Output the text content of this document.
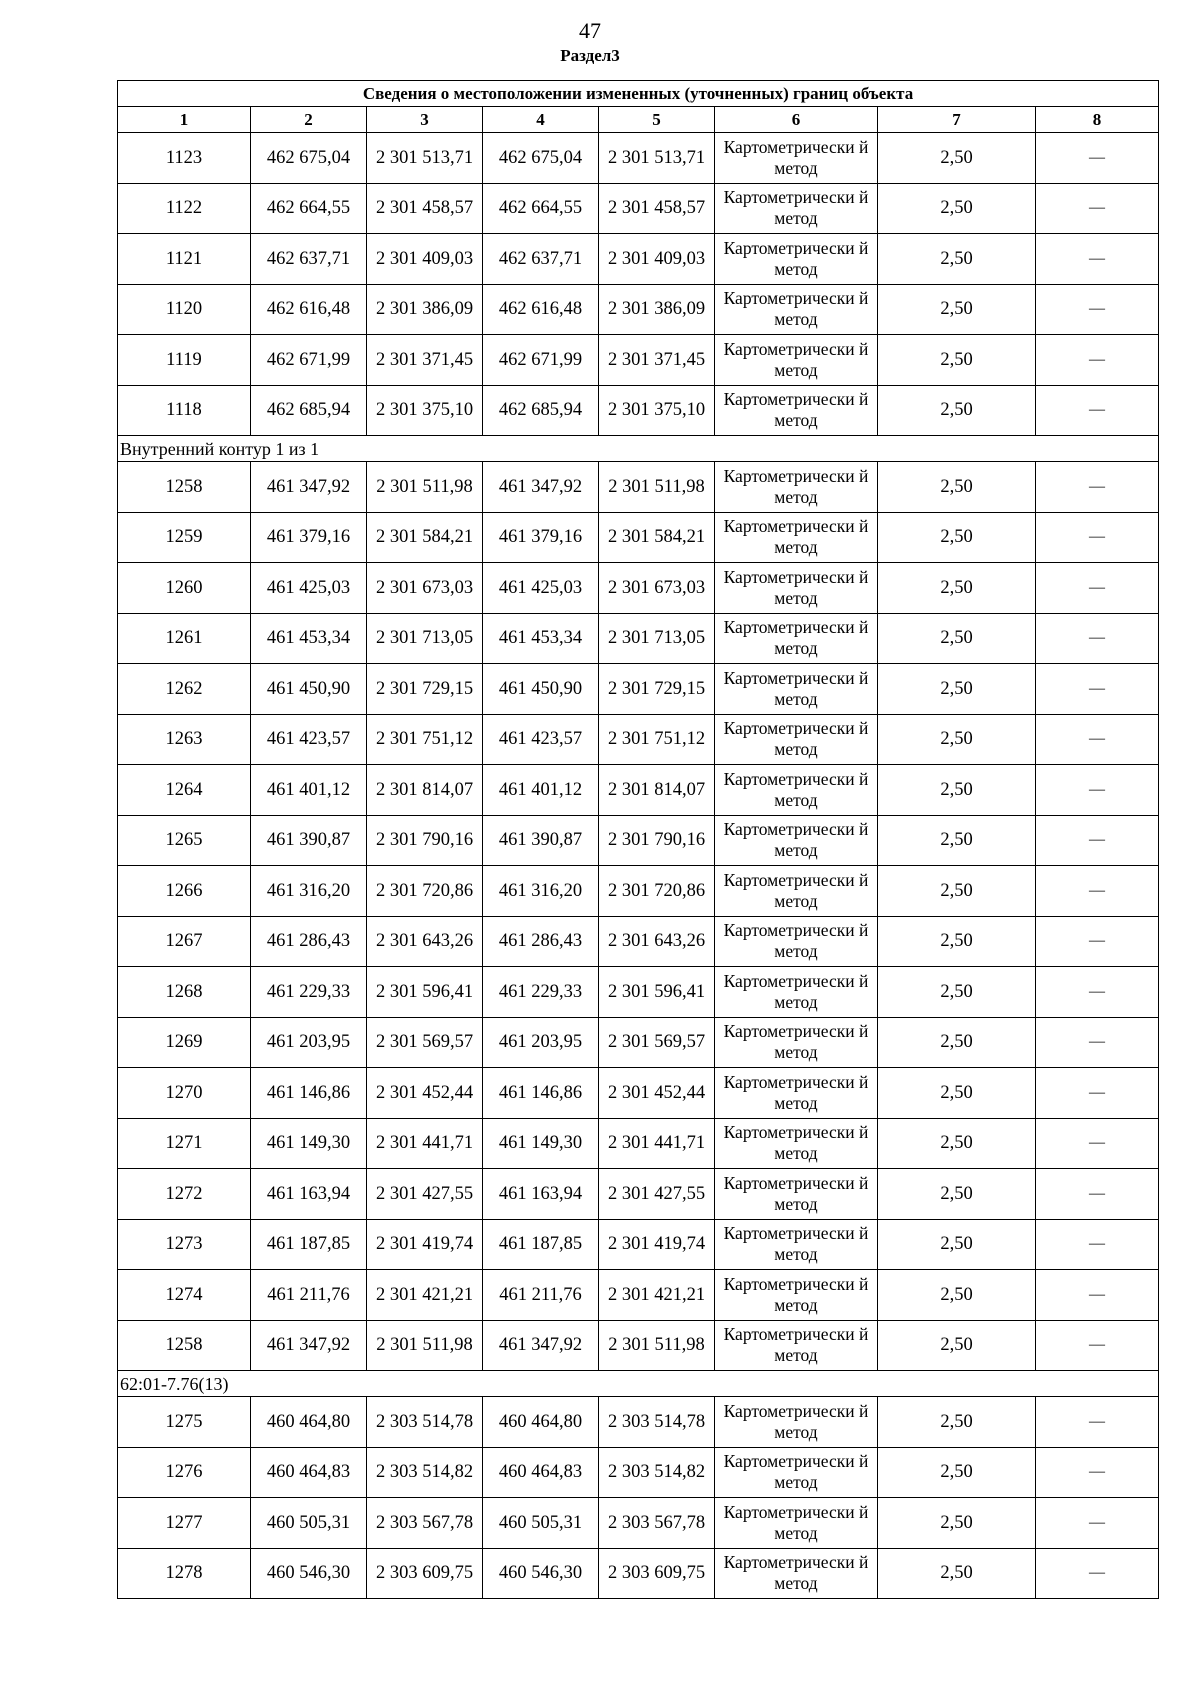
47
Раздел3
Сведения о местоположении измененных (уточненных) границ объекта							
1	2	3	4	5	6	7	8
1123	462 675,04	2 301 513,71	462 675,04	2 301 513,71	Картометрически й метод	2,50	—
1122	462 664,55	2 301 458,57	462 664,55	2 301 458,57	Картометрически й метод	2,50	—
1121	462 637,71	2 301 409,03	462 637,71	2 301 409,03	Картометрически й метод	2,50	—
1120	462 616,48	2 301 386,09	462 616,48	2 301 386,09	Картометрически й метод	2,50	—
1119	462 671,99	2 301 371,45	462 671,99	2 301 371,45	Картометрически й метод	2,50	—
1118	462 685,94	2 301 375,10	462 685,94	2 301 375,10	Картометрически й метод	2,50	—
Внутренний контур 1 из 1							
1258	461 347,92	2 301 511,98	461 347,92	2 301 511,98	Картометрически й метод	2,50	—
1259	461 379,16	2 301 584,21	461 379,16	2 301 584,21	Картометрически й метод	2,50	—
1260	461 425,03	2 301 673,03	461 425,03	2 301 673,03	Картометрически й метод	2,50	—
1261	461 453,34	2 301 713,05	461 453,34	2 301 713,05	Картометрически й метод	2,50	—
1262	461 450,90	2 301 729,15	461 450,90	2 301 729,15	Картометрически й метод	2,50	—
1263	461 423,57	2 301 751,12	461 423,57	2 301 751,12	Картометрически й метод	2,50	—
1264	461 401,12	2 301 814,07	461 401,12	2 301 814,07	Картометрически й метод	2,50	—
1265	461 390,87	2 301 790,16	461 390,87	2 301 790,16	Картометрически й метод	2,50	—
1266	461 316,20	2 301 720,86	461 316,20	2 301 720,86	Картометрически й метод	2,50	—
1267	461 286,43	2 301 643,26	461 286,43	2 301 643,26	Картометрически й метод	2,50	—
1268	461 229,33	2 301 596,41	461 229,33	2 301 596,41	Картометрически й метод	2,50	—
1269	461 203,95	2 301 569,57	461 203,95	2 301 569,57	Картометрически й метод	2,50	—
1270	461 146,86	2 301 452,44	461 146,86	2 301 452,44	Картометрически й метод	2,50	—
1271	461 149,30	2 301 441,71	461 149,30	2 301 441,71	Картометрически й метод	2,50	—
1272	461 163,94	2 301 427,55	461 163,94	2 301 427,55	Картометрически й метод	2,50	—
1273	461 187,85	2 301 419,74	461 187,85	2 301 419,74	Картометрически й метод	2,50	—
1274	461 211,76	2 301 421,21	461 211,76	2 301 421,21	Картометрически й метод	2,50	—
1258	461 347,92	2 301 511,98	461 347,92	2 301 511,98	Картометрически й метод	2,50	—
62:01-7.76(13)							
1275	460 464,80	2 303 514,78	460 464,80	2 303 514,78	Картометрически й метод	2,50	—
1276	460 464,83	2 303 514,82	460 464,83	2 303 514,82	Картометрически й метод	2,50	—
1277	460 505,31	2 303 567,78	460 505,31	2 303 567,78	Картометрически й метод	2,50	—
1278	460 546,30	2 303 609,75	460 546,30	2 303 609,75	Картометрически й метод	2,50	—
